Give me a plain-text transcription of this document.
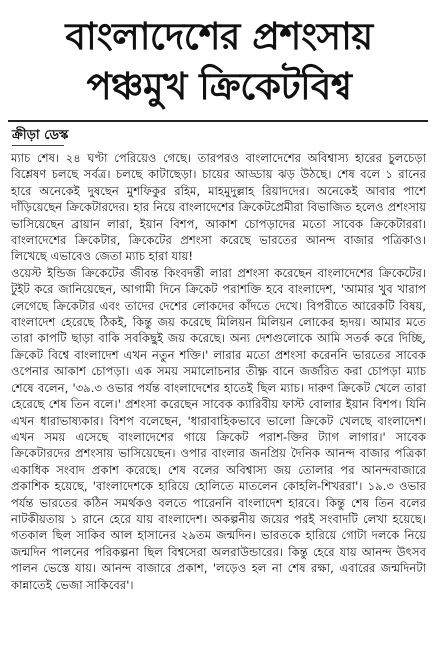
বাংলাদেশের প্রশংসায়
পঞ্চমুখ ক্রিকেটবিশ্ব
ক্রীড়া ডেস্ক

ম্যাচ শেষ। ২৪ ঘণ্টা পেরিয়েও গেছে। তারপরও বাংলাদেশের অবিশ্বাস্য হারের চুলচেড়া বিশ্লেষণ চলছে সর্বত্র। চলছে কাটাছেড়া। চায়ের আড্ডায় ঝড় উঠছে। শেষ বলে ১ রানের হারে অনেকেই দুষছেন মুশফিকুর রহিম, মাহমুদুল্লাহ রিয়াদদের। অনেকেই আবার পাশে দাঁড়িয়েছেন ক্রিকেটারদের। হার নিয়ে বাংলাদেশের ক্রিকেটপ্রেমীরা বিভাজিত হলেও প্রশংসায় ভাসিয়েছেন ব্রায়ান লারা, ইয়ান বিশপ, আকাশ চোপড়াদের মতো সাবেক ক্রিকেটাররা। বাংলাদেশের ক্রিকেটার, ক্রিকেটের প্রশংসা করেছে ভারতের আনন্দ বাজার পত্রিকাও। লিখেছে এভাবেও জেতা ম্যাচ হারা যায়!

ওয়েস্ট ইন্ডিজ ক্রিকেটের জীবন্ত কিংবদন্তী লারা প্রশংসা করেছেন বাংলাদেশের ক্রিকেটের। টুইট করে জানিয়েছেন, আগামী দিনে ক্রিকেট পরাশক্তি হবে বাংলাদেশ, 'আমার খুব খারাপ লেগেছে ক্রিকেটার এবং তাদের দেশের লোকদের কাঁদতে দেখে। বিপরীতে আরেকটি বিষয়, বাংলাদেশ হেরেছে ঠিকই, কিন্তু জয় করেছে মিলিয়ন মিলিয়ন লোকের হৃদয়। আমার মতে তারা কাপটি ছাড়া বাকি সবকিছুই জয় করেছে। অন্য দেশগুলোকে আমি সতর্ক করে দিচ্ছি, ক্রিকেট বিশ্বে বাংলাদেশ এখন নতুন শক্তি।' লারার মতো প্রশংসা করেননি ভারতের সাবেক ওপেনার আকাশ চোপড়া। এক সময় সমালোচনার তীক্ষ্ণ বানে জর্জরিত করা চোপড়া ম্যাচ শেষে বলেন, '৩৯.৩ ওভার পর্যন্ত বাংলাদেশের হাতেই ছিল ম্যাচ। দারুণ ক্রিকেট খেলে তারা হেরেছে শেষ তিন বলে।' প্রশংসা করেছেন সাবেক ক্যারিবীয় ফাস্ট বোলার ইয়ান বিশপ। যিনি এখন ধারাভাষ্যকার। বিশপ বলেছেন, 'ধারাবাহিকভাবে ভালো ক্রিকেট খেলছে বাংলাদেশ। এখন সময় এসেছে বাংলাদেশের গায়ে ক্রিকেট পরাশ-ক্তির ট্যাগ লাগার।' সাবেক ক্রিকেটারদের প্রশংসায় ভাসিয়েছেন। ওপার বাংলার জনপ্রিয় দৈনিক আনন্দ বাজার পত্রিকা একাধিক সংবাদ প্রকাশ করেছে। শেষ বলের অবিশ্বাস্য জয় তোলার পর আনন্দবাজারে প্রকাশিক হয়েছে, 'বাংলাদেশকে হারিয়ে হোলিতে মাতলেন কোহলি-শিখররা'। ১৯.৩ ওভার পর্যন্ত ভারতের কঠিন সমর্থকও বলতে পারেননি বাংলাদেশ হারবে। কিন্তু শেষ তিন বলের নাটকীয়তায় ১ রানে হেরে যায় বাংলাদেশ। অকল্পনীয় জয়ের পরই সংবাদটি লেখা হয়েছে। গতকাল ছিল সাকিব আল হাসানের ২৯তম জন্মদিন। ভারতকে হারিয়ে গোটা দলকে নিয়ে জন্মদিন পালনের পরিকল্পনা ছিল বিশ্বসেরা অলরাউন্ডারের। কিন্তু হেরে যায় আনন্দ উৎসব পালন ভেস্তে যায়। আনন্দ বাজারে প্রকাশ, 'লড়েও হল না শেষ রক্ষা, এবারের জন্মদিনটা কান্নাতেই ভেজা সাকিবের'।
